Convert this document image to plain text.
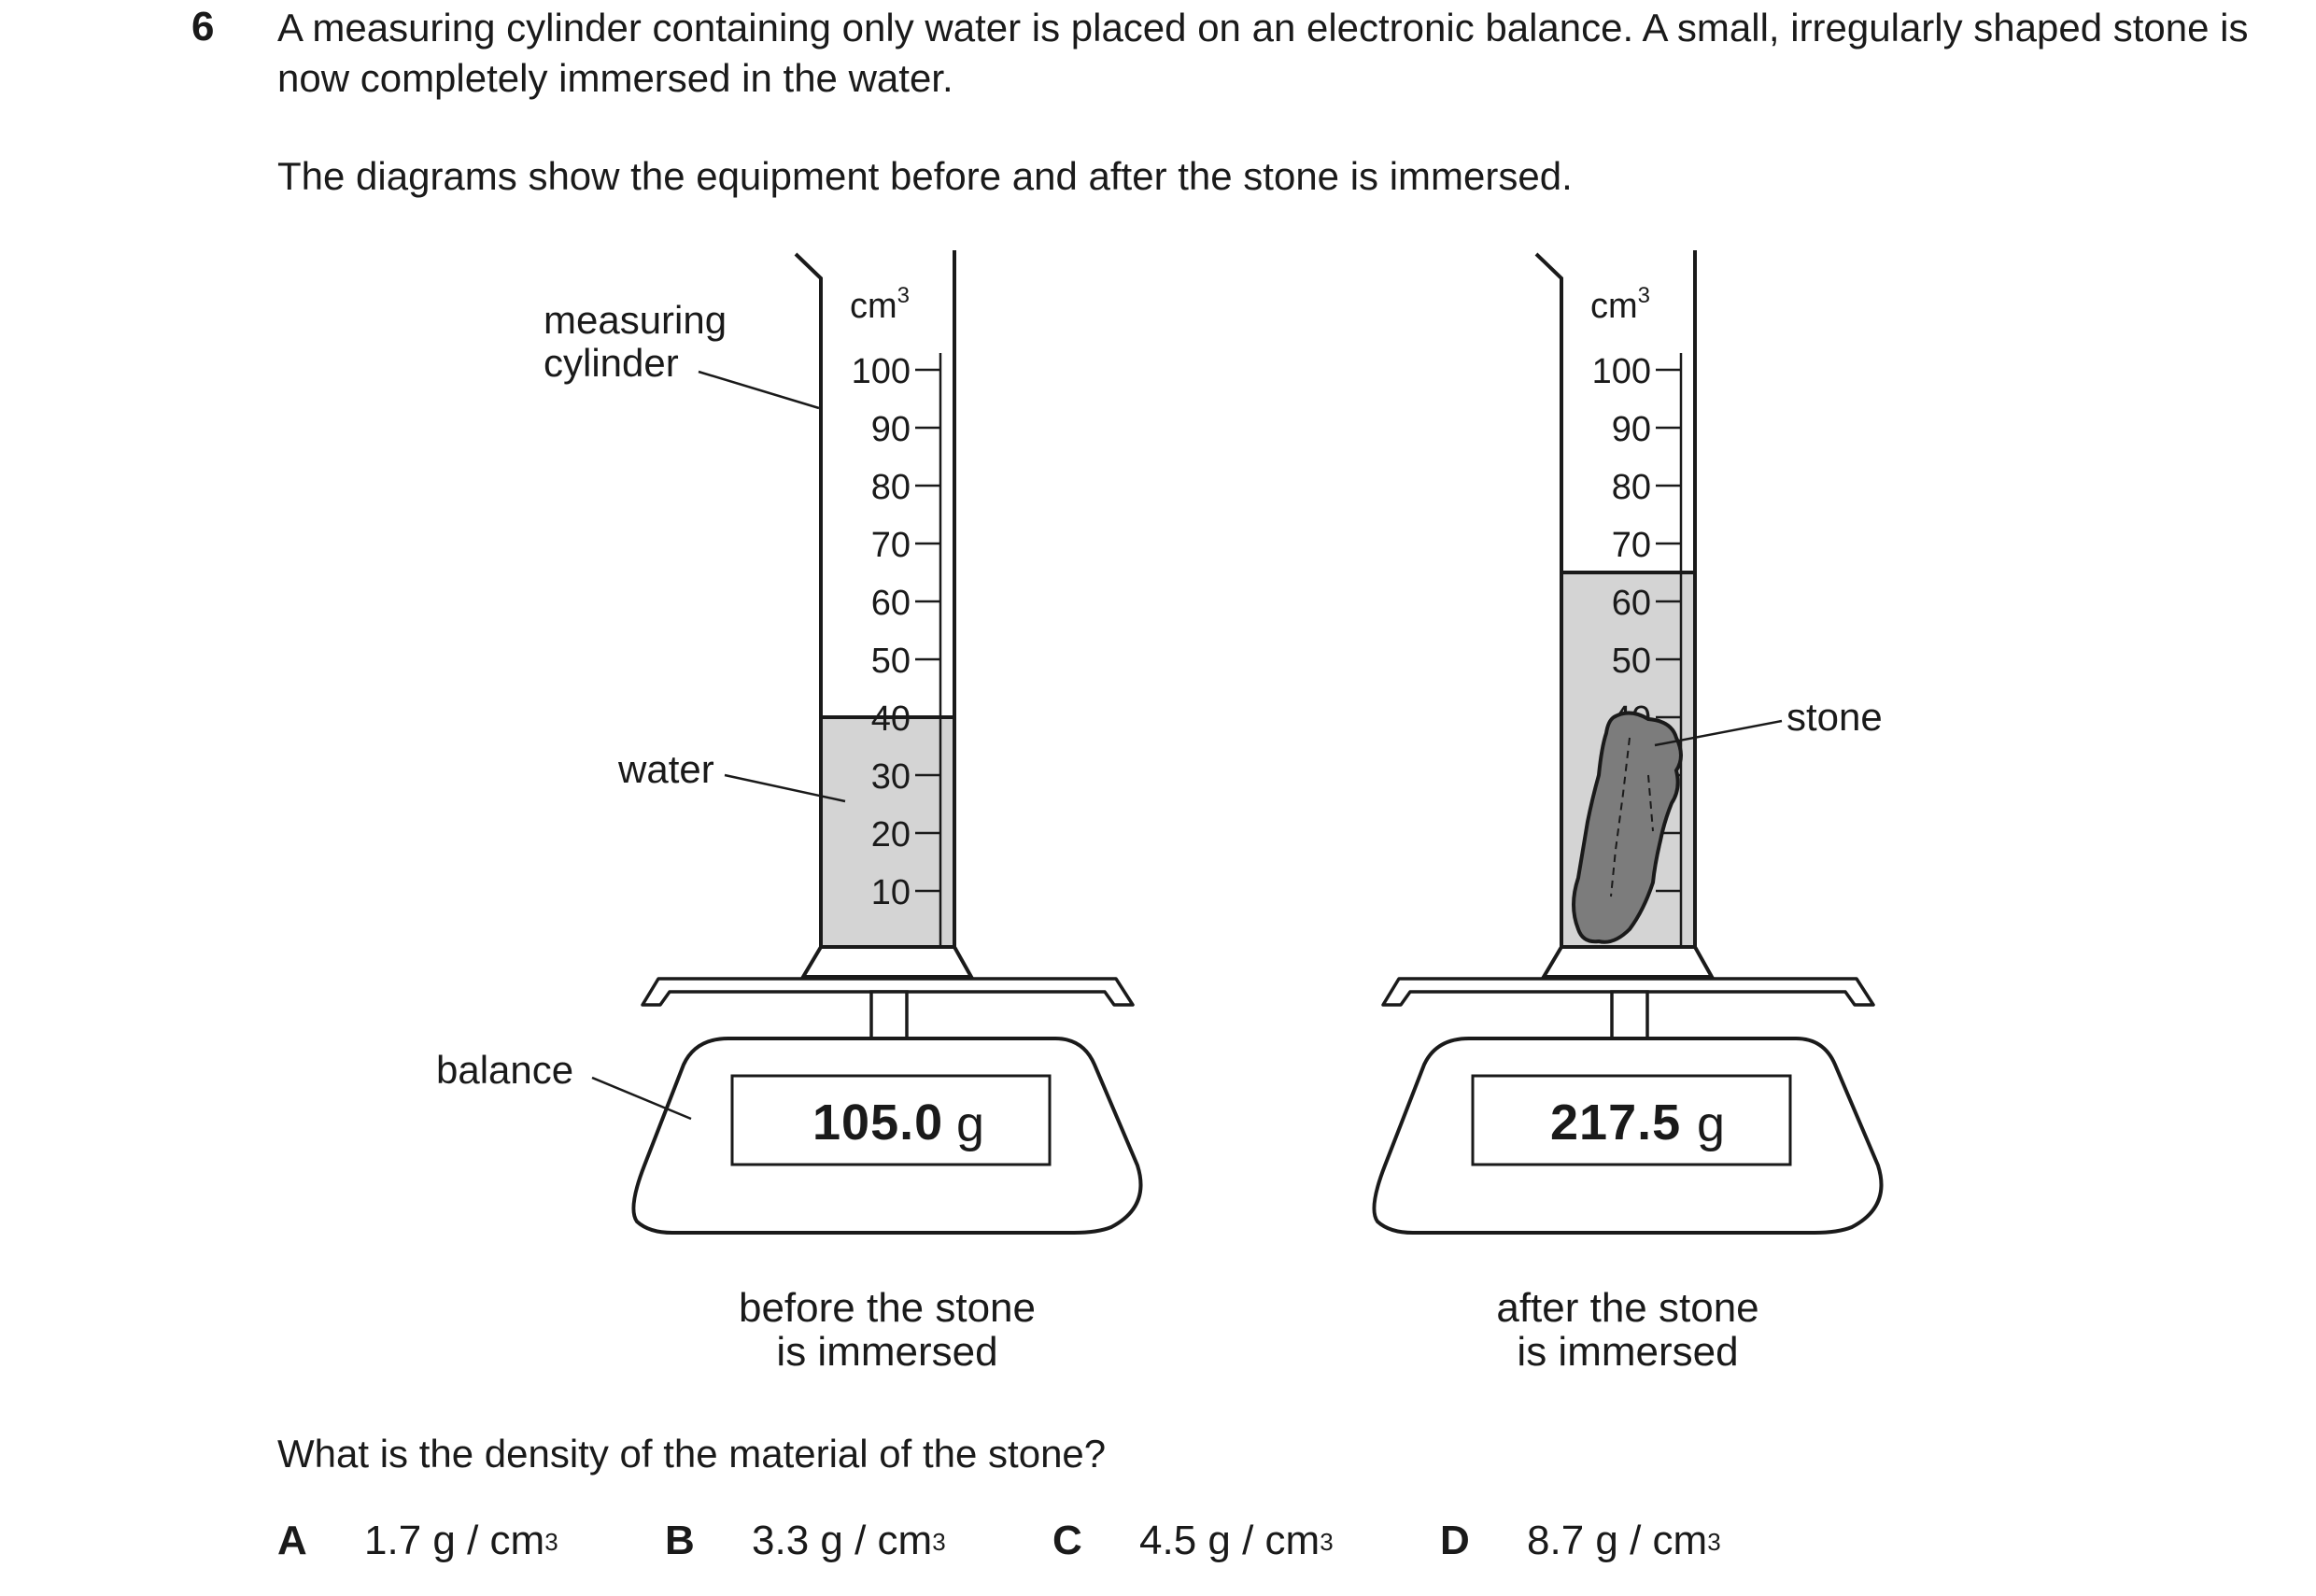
6 A measuring cylinder containing only water is placed on an electronic balance. A small, irregularly shaped stone is now completely immersed in the water.

The diagrams show the equipment before and after the stone is immersed.

100
90
80
70
60
50
40
30
20
10
$cm^3$
105.0 g
before the stone
is immersed
measuring
cylinder
water
balance
100
90
80
70
60
50
$cm^3$
217.5 g
after the stone
is immersed
stone

What is the density of the material of the stone?

A	1.7
g / $cm^3$	B	3.3
g / $cm^3$	C	4.5
g / $cm^3$	D	8.7
g / $cm^3$
